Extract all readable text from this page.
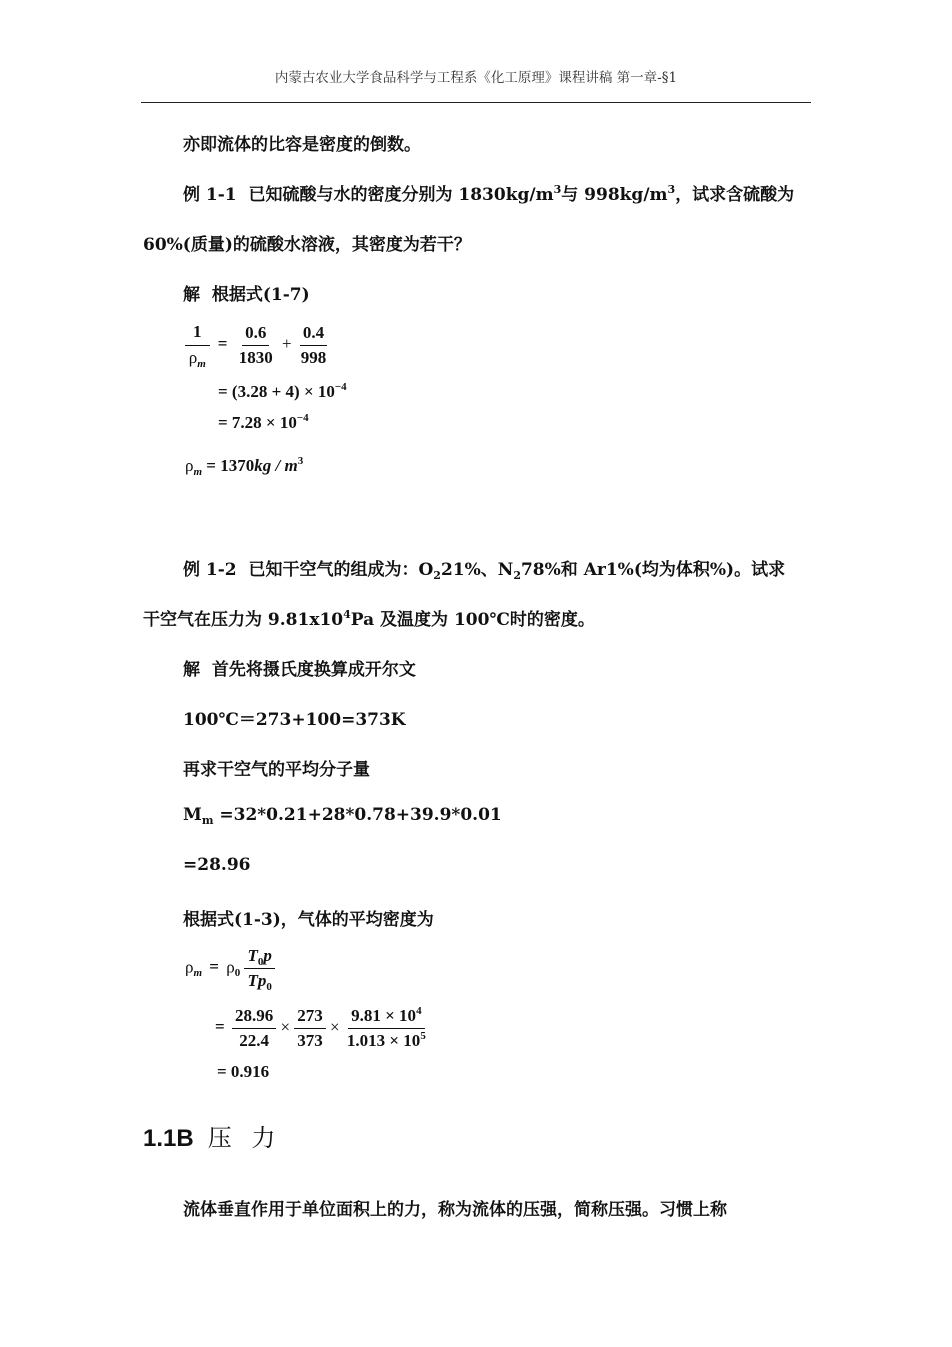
内蒙古农业大学食品科学与工程系《化工原理》课程讲稿 第一章-§1
亦即流体的比容是密度的倒数。
例 1-1 已知硫酸与水的密度分别为 $1830kg/m^3$与 $998kg/m^3$，试求含硫酸为
60%(质量)的硫酸水溶液，其密度为若干？
解 根据式(1-7)
$\frac{1}{\rho_m} = \frac{0.6}{1830} + \frac{0.4}{998}$
= $(3.28 + 4) \times 10^{-4}$
= $7.28 \times 10^{-4}$
$\rho_m = 1370kg / m^3$
例 1-2 已知干空气的组成为：$O_221\%$、$N_278\%$和 Ar1%(均为体积%)。试求
干空气在压力为 $9.81x10^4Pa$ 及温度为 100℃时的密度。
解 首先将摄氏度换算成开尔文
100℃＝273+100=373K
再求干空气的平均分子量
$M_m =32*0.21+28*0.78+39.9*0.01$
=28.96
根据式(1-3)，气体的平均密度为
$\rho_m = \rho_0 \frac{T_0p}{Tp_0}$
= $\frac{28.96}{22.4} \times \frac{273}{373} \times \frac{9.81 \times 10^4}{1.013 \times 10^5}$
= 0.916
1.1B 压 力
流体垂直作用于单位面积上的力，称为流体的压强，简称压强。习惯上称
